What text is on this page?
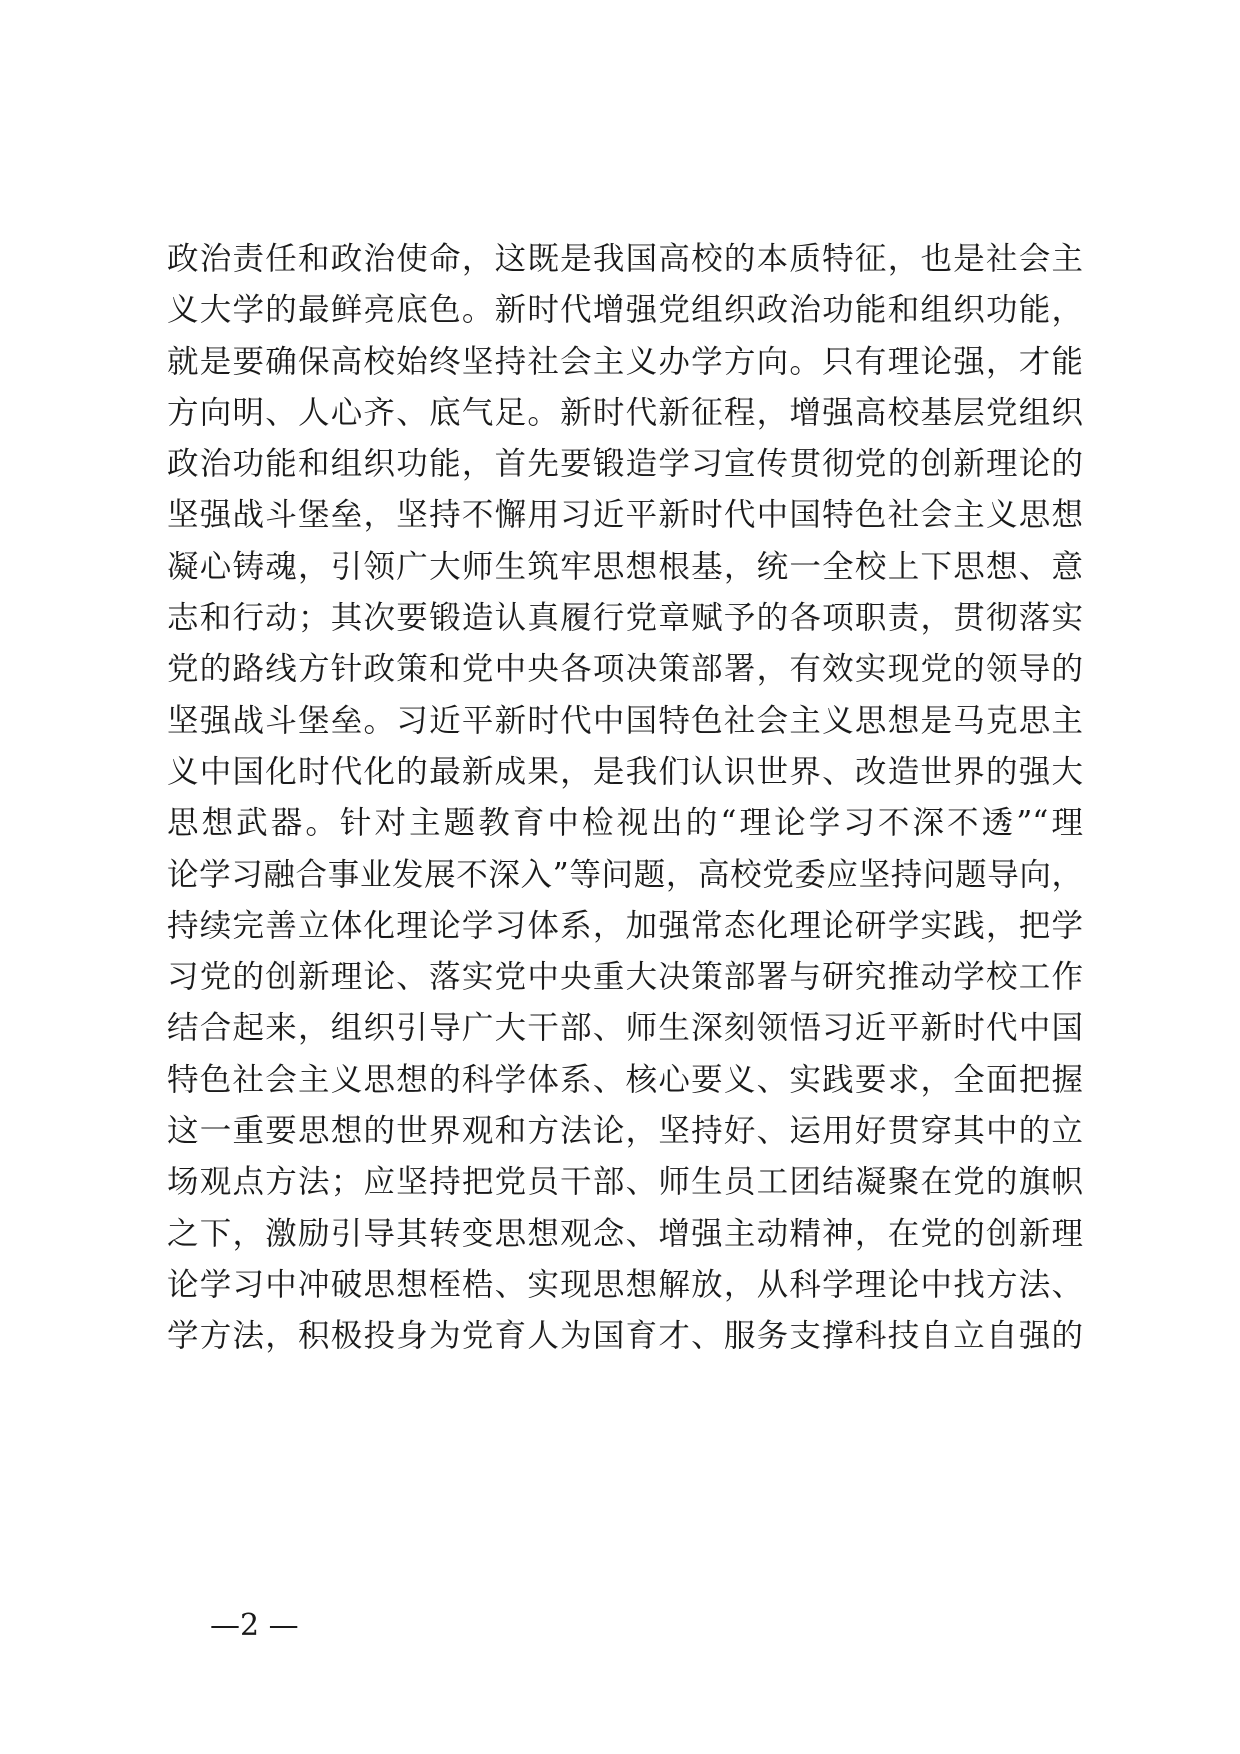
政治责任和政治使命，这既是我国高校的本质特征，也是社会主
义大学的最鲜亮底色。新时代增强党组织政治功能和组织功能，
就是要确保高校始终坚持社会主义办学方向。只有理论强，才能
方向明、人心齐、底气足。新时代新征程，增强高校基层党组织
政治功能和组织功能，首先要锻造学习宣传贯彻党的创新理论的
坚强战斗堡垒，坚持不懈用习近平新时代中国特色社会主义思想
凝心铸魂，引领广大师生筑牢思想根基，统一全校上下思想、意
志和行动；其次要锻造认真履行党章赋予的各项职责，贯彻落实
党的路线方针政策和党中央各项决策部署，有效实现党的领导的
坚强战斗堡垒。习近平新时代中国特色社会主义思想是马克思主
义中国化时代化的最新成果，是我们认识世界、改造世界的强大
思想武器。针对主题教育中检视出的“理论学习不深不透”“理
论学习融合事业发展不深入”等问题，高校党委应坚持问题导向，
持续完善立体化理论学习体系，加强常态化理论研学实践，把学
习党的创新理论、落实党中央重大决策部署与研究推动学校工作
结合起来，组织引导广大干部、师生深刻领悟习近平新时代中国
特色社会主义思想的科学体系、核心要义、实践要求，全面把握
这一重要思想的世界观和方法论，坚持好、运用好贯穿其中的立
场观点方法；应坚持把党员干部、师生员工团结凝聚在党的旗帜
之下，激励引导其转变思想观念、增强主动精神，在党的创新理
论学习中冲破思想桎梏、实现思想解放，从科学理论中找方法、
学方法，积极投身为党育人为国育才、服务支撑科技自立自强的
—2 —
